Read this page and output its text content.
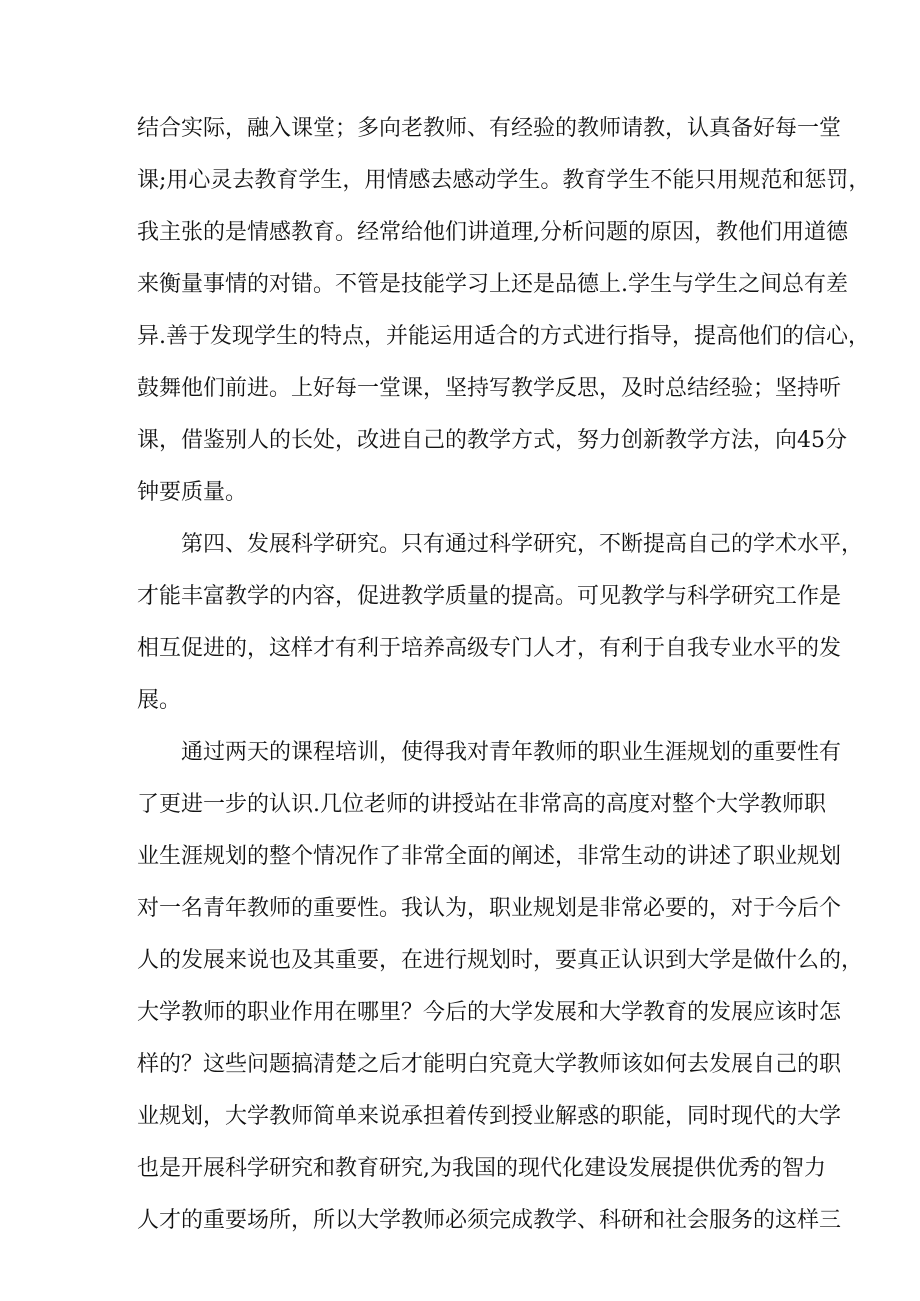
结合实际，融入课堂；多向老教师、有经验的教师请教，认真备好每一堂
课;用心灵去教育学生，用情感去感动学生。教育学生不能只用规范和惩罚，
我主张的是情感教育。经常给他们讲道理,分析问题的原因，教他们用道德
来衡量事情的对错。不管是技能学习上还是品德上.学生与学生之间总有差
异.善于发现学生的特点，并能运用适合的方式进行指导，提高他们的信心，
鼓舞他们前进。上好每一堂课，坚持写教学反思，及时总结经验；坚持听
课，借鉴别人的长处，改进自己的教学方式，努力创新教学方法，向45分
钟要质量。
第四、发展科学研究。只有通过科学研究，不断提高自己的学术水平，
才能丰富教学的内容，促进教学质量的提高。可见教学与科学研究工作是
相互促进的，这样才有利于培养高级专门人才，有利于自我专业水平的发
展。
通过两天的课程培训，使得我对青年教师的职业生涯规划的重要性有
了更进一步的认识.几位老师的讲授站在非常高的高度对整个大学教师职
业生涯规划的整个情况作了非常全面的阐述，非常生动的讲述了职业规划
对一名青年教师的重要性。我认为，职业规划是非常必要的，对于今后个
人的发展来说也及其重要，在进行规划时，要真正认识到大学是做什么的，
大学教师的职业作用在哪里？今后的大学发展和大学教育的发展应该时怎
样的？这些问题搞清楚之后才能明白究竟大学教师该如何去发展自己的职
业规划，大学教师简单来说承担着传到授业解惑的职能，同时现代的大学
也是开展科学研究和教育研究,为我国的现代化建设发展提供优秀的智力
人才的重要场所，所以大学教师必须完成教学、科研和社会服务的这样三
